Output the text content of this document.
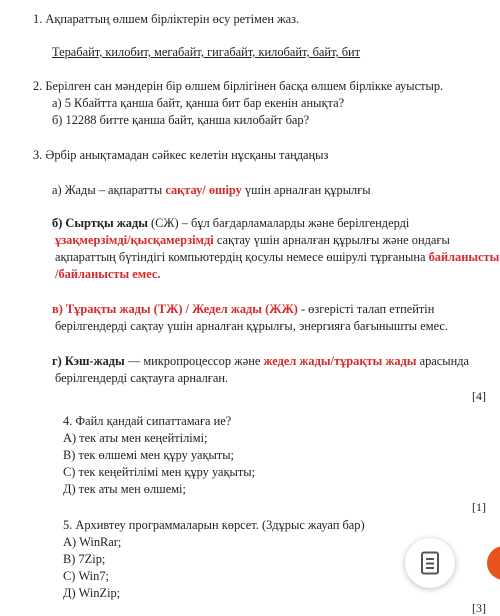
1. Ақпараттың өлшем бірліктерін өсу ретімен жаз.
Терабайт, килобит, мегабайт, гигабайт, килобайт, байт, бит
2. Берілген сан мәндерін бір өлшем бірлігінен басқа өлшем бірлікке ауыстыр.
а) 5 Кбайтта қанша байт, қанша бит бар екенін анықта?
б) 12288 битте қанша байт, қанша килобайт бар?
3. Әрбір анықтамадан сәйкес келетін нұсқаны таңдаңыз
а) Жады – ақпаратты сақтау/ өшіру үшін арналған құрылғы
б) Сыртқы жады (СЖ) – бұл бағдарламаларды және берілгендерді
ұзақмерзімді/қысқамерзімді сақтау үшін арналған құрылғы және ондағы
ақпараттың бүтіндігі компьютердің қосулы немесе өшірулі тұрғанына байланысты
/байланысты емес.
в) Тұрақты жады (ТЖ) / Жедел жады (ЖЖ) - өзгерісті талап етпейтін
берілгендерді сақтау үшін арналған құрылғы, энергияға бағынышты емес.
г) Кэш-жады — микропроцессор және жедел жады/тұрақты жады арасында
берілгендерді сақтауға арналған.
[4]
4. Файл қандай сипаттамаға ие?
А) тек аты мен кеңейтілімі;
В) тек өлшемі мен құру уақыты;
С) тек кеңейтілімі мен құру уақыты;
Д) тек аты мен өлшемі;
[1]
5. Архивтеу программаларын көрсет. (3дұрыс жауап бар)
А) WinRar;
В) 7Zip;
С) Win7;
Д) WinZip;
[3]
